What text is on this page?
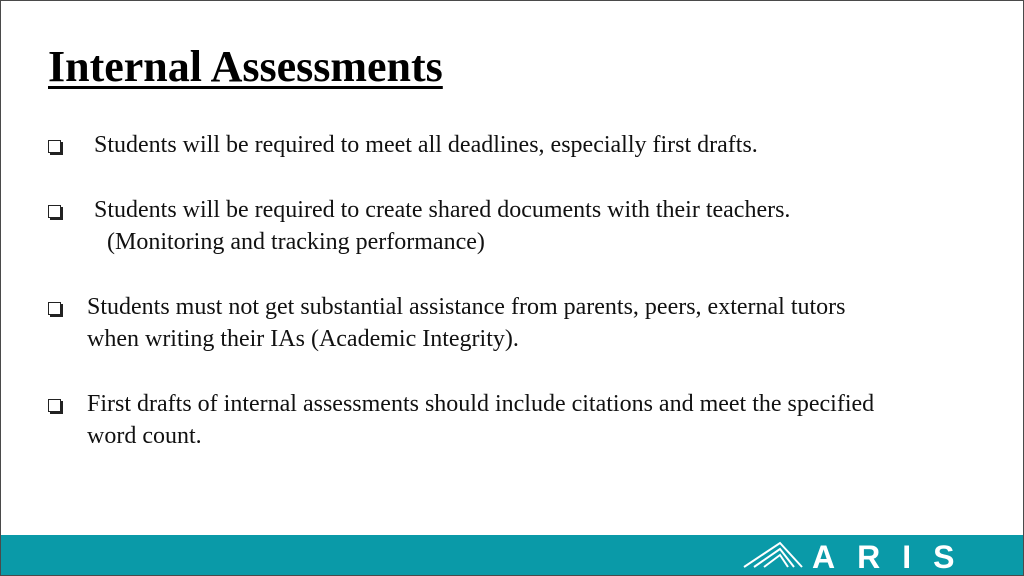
Internal Assessments
Students will be required to meet all deadlines, especially first drafts.
Students will be required to create shared documents with their teachers.
(Monitoring and tracking performance)
Students must not get substantial assistance from parents, peers, external tutors
when writing their IAs (Academic Integrity).
First drafts of internal assessments should include citations and meet the specified
word count.
ARIS
